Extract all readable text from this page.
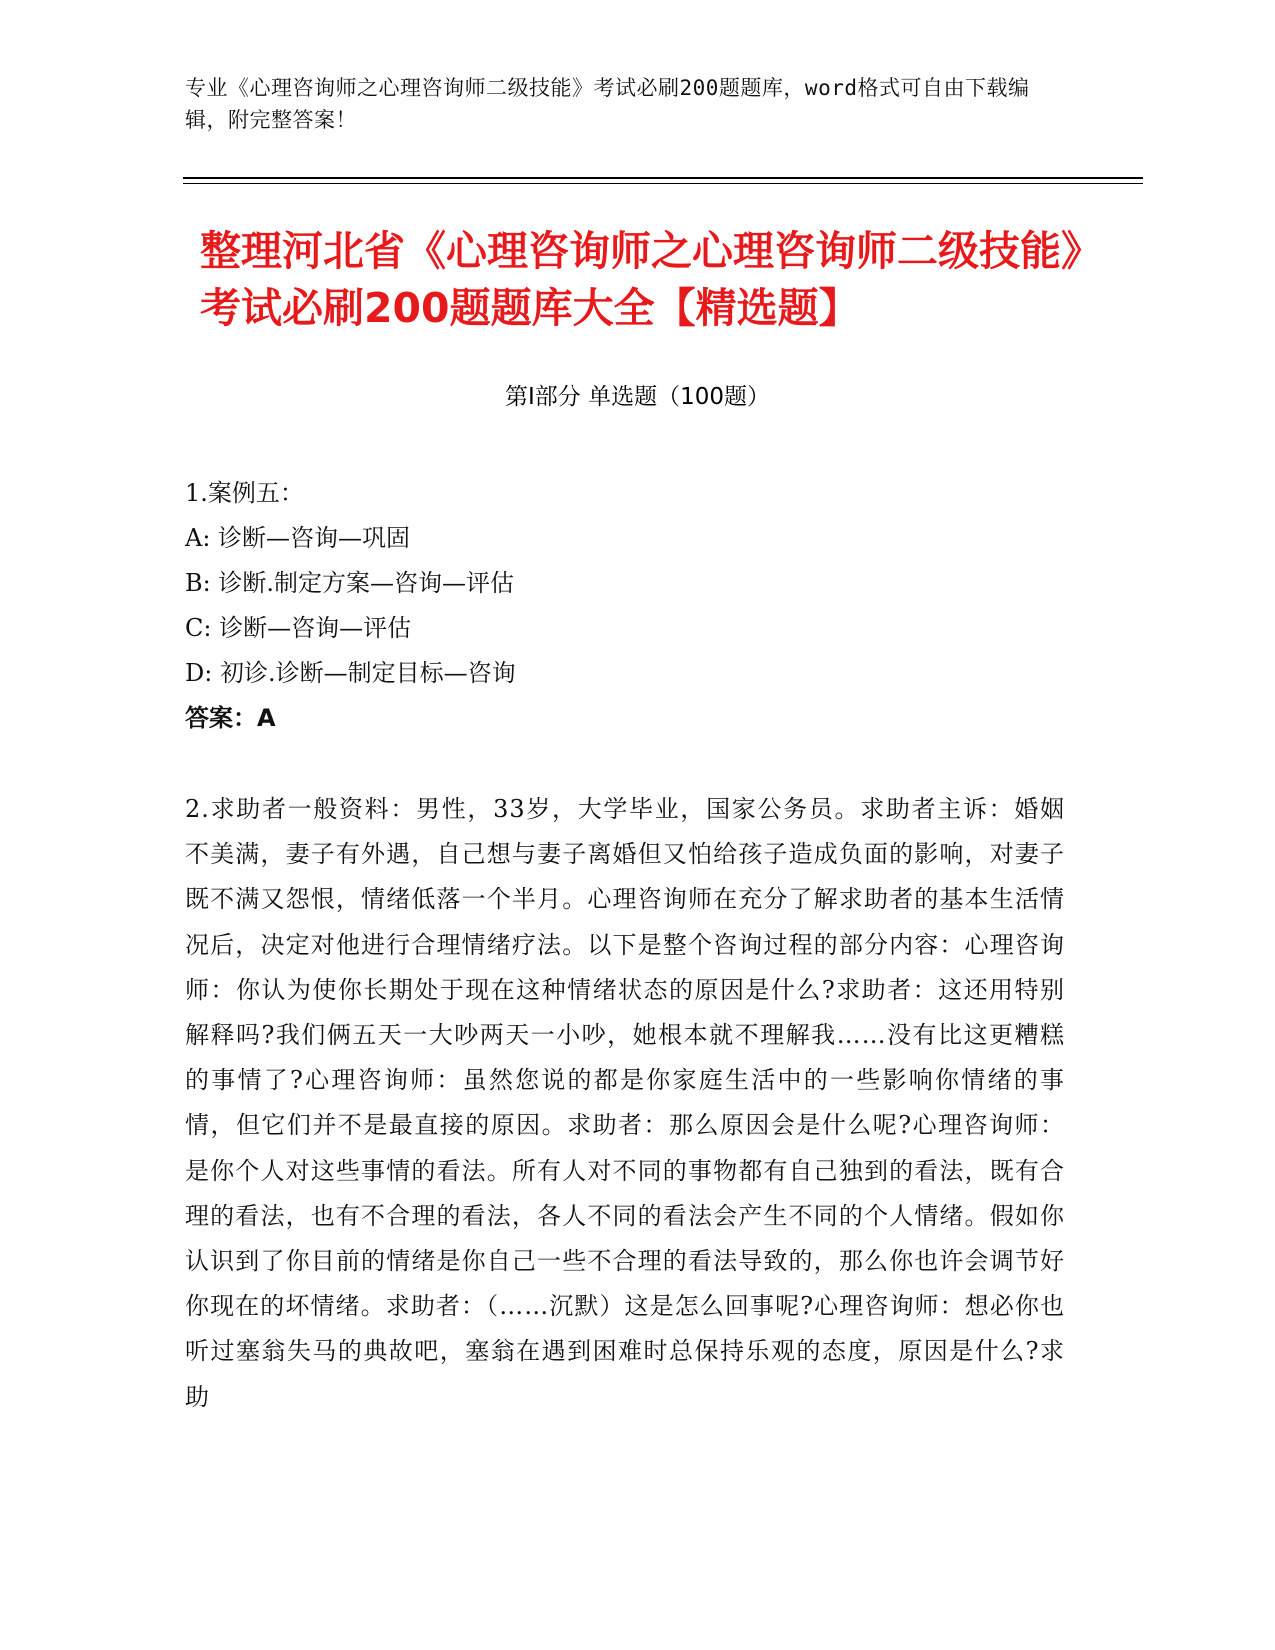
专业《心理咨询师之心理咨询师二级技能》考试必刷200题题库，word格式可自由下载编辑，附完整答案！
整理河北省《心理咨询师之心理咨询师二级技能》考试必刷200题题库大全【精选题】
第Ⅰ部分 单选题（100题）
1.案例五：
A: 诊断—咨询—巩固
B: 诊断.制定方案—咨询—评估
C: 诊断—咨询—评估
D: 初诊.诊断—制定目标—咨询
答案：A
2.求助者一般资料：男性，33岁，大学毕业，国家公务员。求助者主诉：婚姻不美满，妻子有外遇，自己想与妻子离婚但又怕给孩子造成负面的影响，对妻子既不满又怨恨，情绪低落一个半月。心理咨询师在充分了解求助者的基本生活情况后，决定对他进行合理情绪疗法。以下是整个咨询过程的部分内容：心理咨询师：你认为使你长期处于现在这种情绪状态的原因是什么?求助者：这还用特别解释吗?我们俩五天一大吵两天一小吵，她根本就不理解我……没有比这更糟糕的事情了?心理咨询师：虽然您说的都是你家庭生活中的一些影响你情绪的事情，但它们并不是最直接的原因。求助者：那么原因会是什么呢?心理咨询师：是你个人对这些事情的看法。所有人对不同的事物都有自己独到的看法，既有合理的看法，也有不合理的看法，各人不同的看法会产生不同的个人情绪。假如你认识到了你目前的情绪是你自己一些不合理的看法导致的，那么你也许会调节好你现在的坏情绪。求助者：（……沉默）这是怎么回事呢?心理咨询师：想必你也听过塞翁失马的典故吧，塞翁在遇到困难时总保持乐观的态度，原因是什么?求助
